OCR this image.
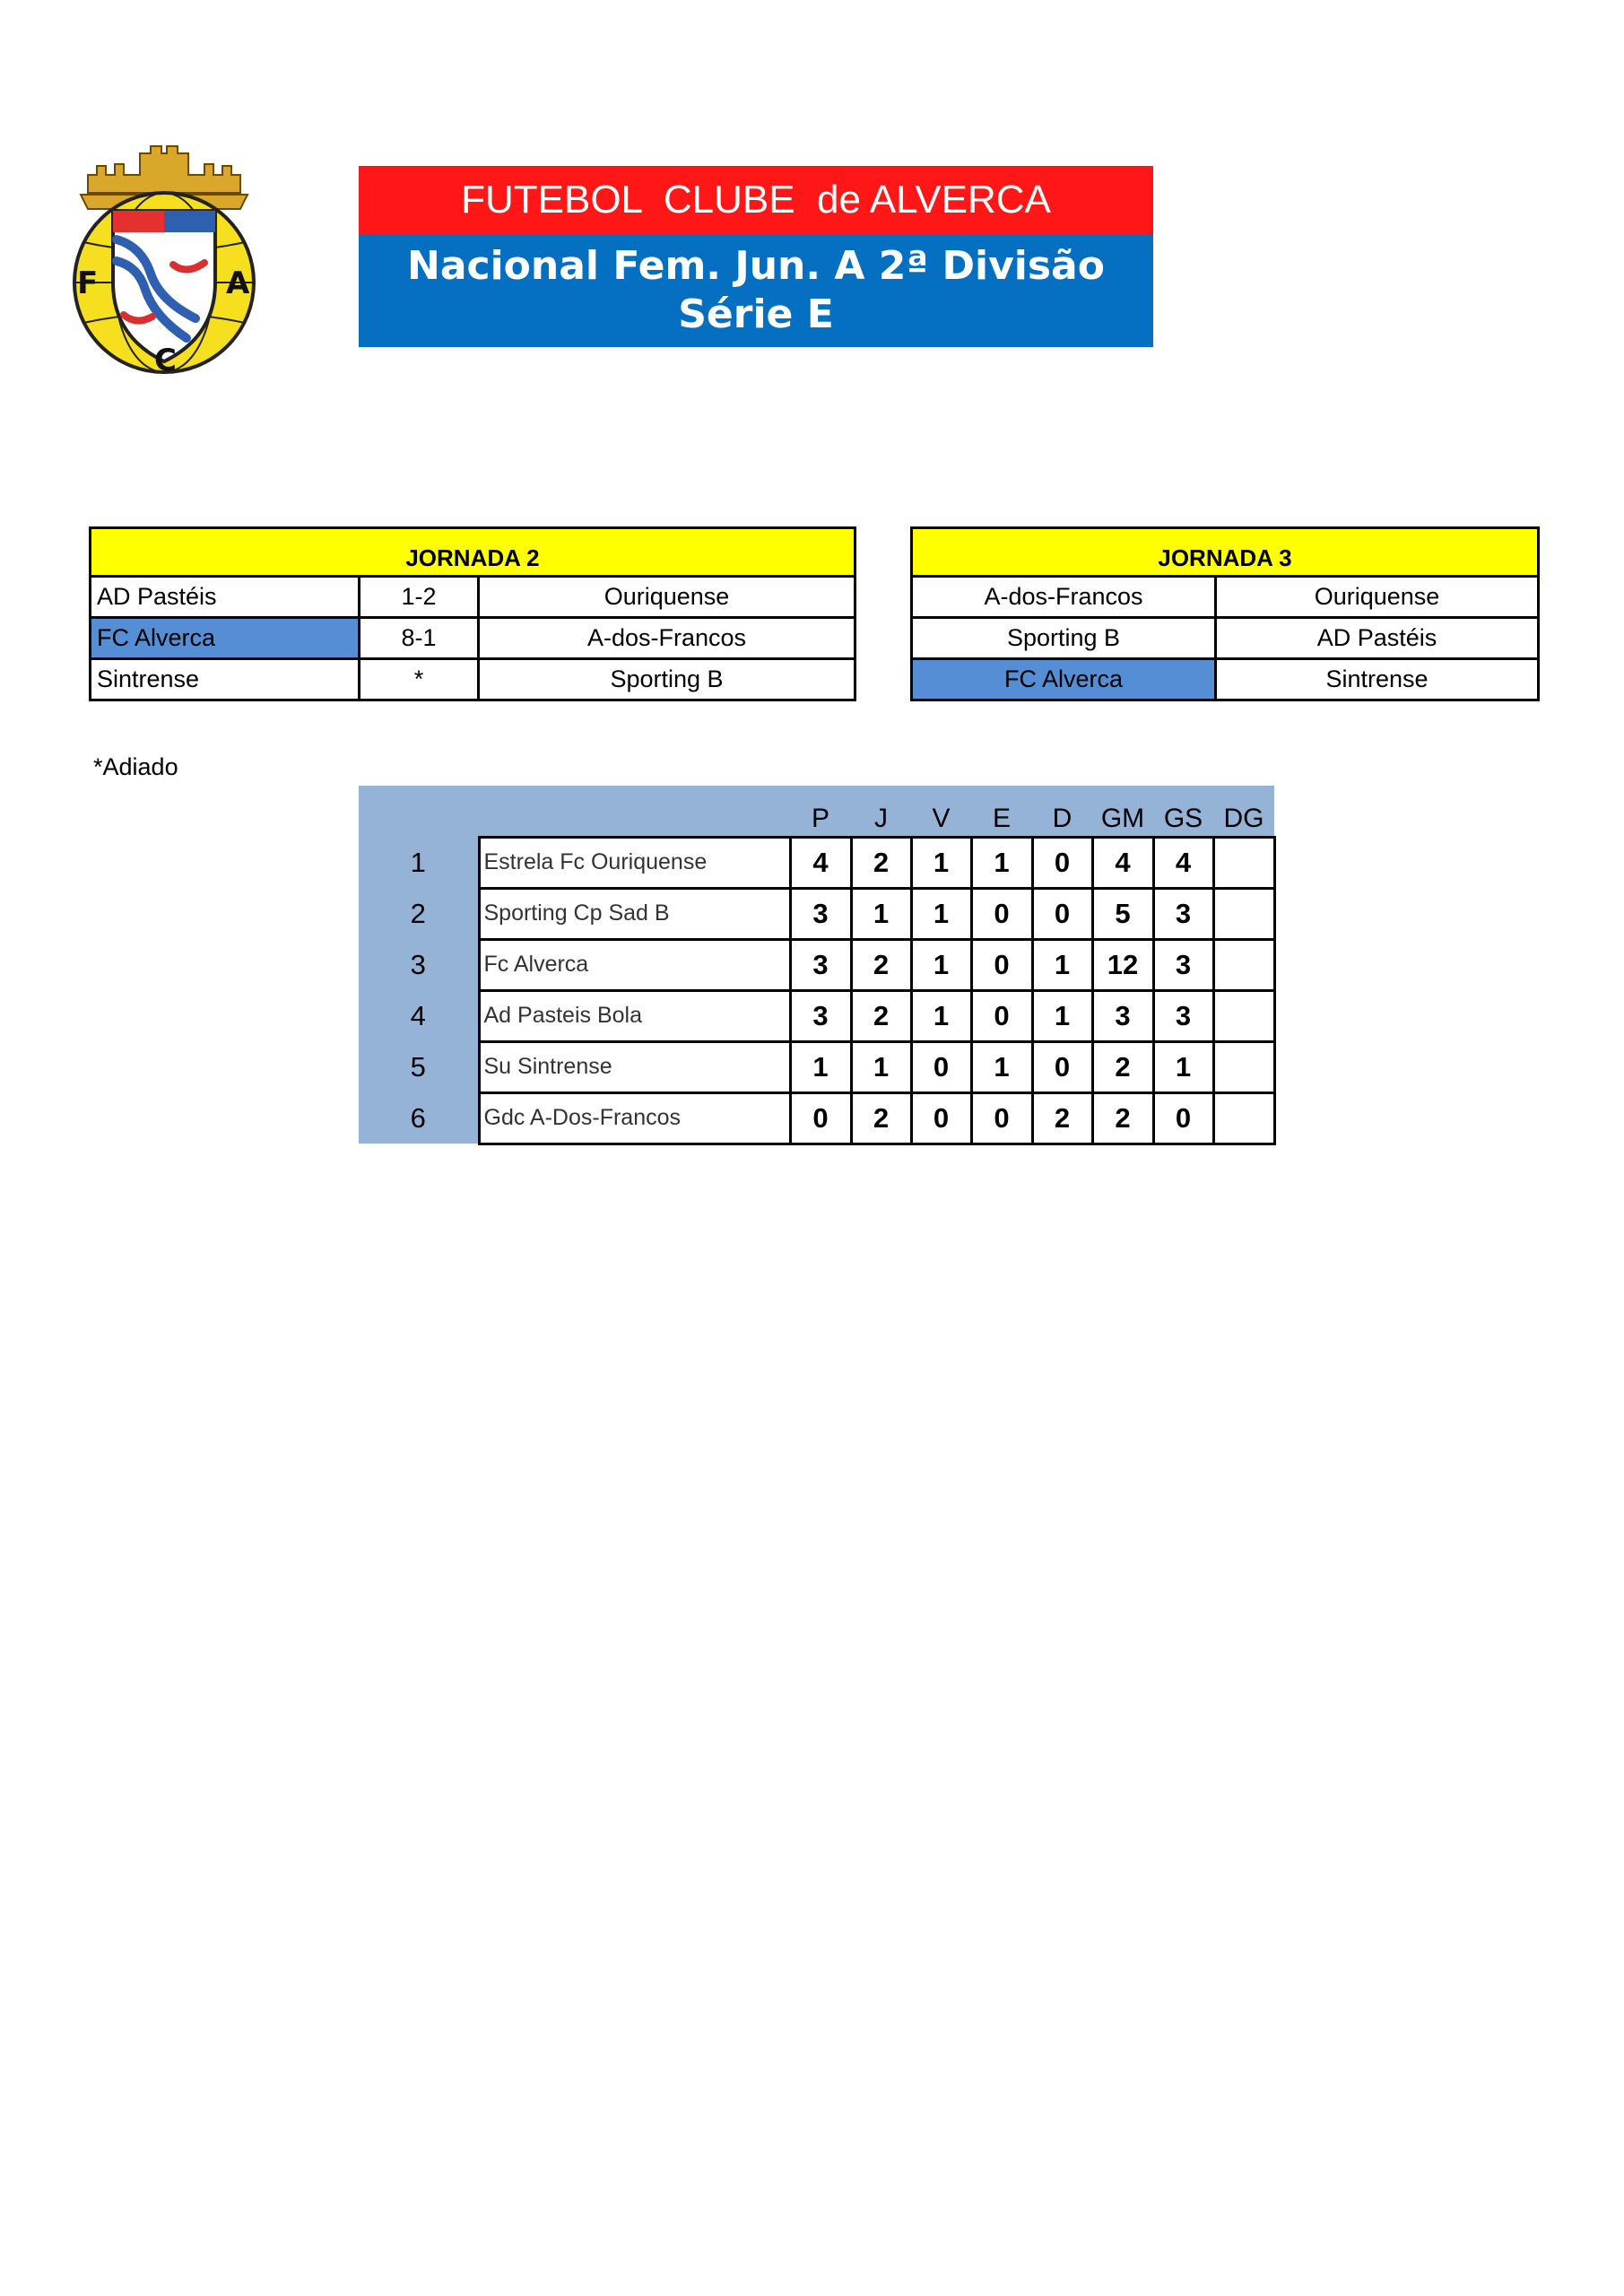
F
C
A
FUTEBOL  CLUBE  de ALVERCA
Nacional Fem. Jun. A 2ª Divisão
Série E
JORNADA 2		
AD Pastéis	1-2	Ouriquense
FC Alverca	8-1	A-dos-Francos
Sintrense	*	Sporting B
JORNADA 3	
A-dos-Francos	Ouriquense
Sporting B	AD Pastéis
FC Alverca	Sintrense
*Adiado
		P	J	V	E	D	GM	GS	DG
1	Estrela Fc Ouriquense	4	2	1	1	0	4	4	
2	Sporting Cp Sad B	3	1	1	0	0	5	3	
3	Fc Alverca	3	2	1	0	1	12	3	
4	Ad Pasteis Bola	3	2	1	0	1	3	3	
5	Su Sintrense	1	1	0	1	0	2	1	
6	Gdc A-Dos-Francos	0	2	0	0	2	2	0	
